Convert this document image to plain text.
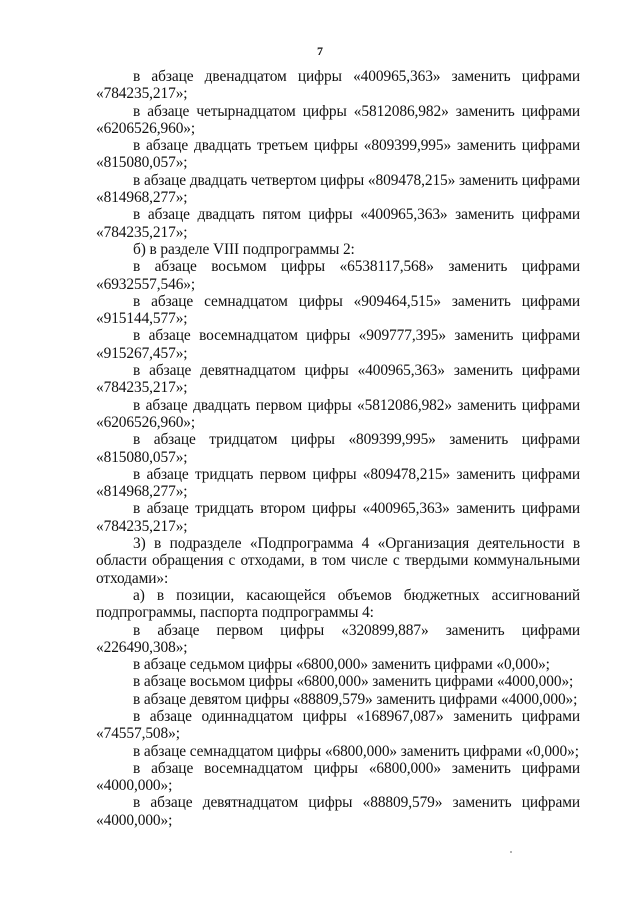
7

в абзаце двенадцатом цифры «400965,363» заменить цифрами «784235,217»;

в абзаце четырнадцатом цифры «5812086,982» заменить цифрами «6206526,960»;

в абзаце двадцать третьем цифры «809399,995» заменить цифрами «815080,057»;

в абзаце двадцать четвертом цифры «809478,215» заменить цифрами «814968,277»;

в абзаце двадцать пятом цифры «400965,363» заменить цифрами «784235,217»;

б) в разделе VIII подпрограммы 2:

в абзаце восьмом цифры «6538117,568» заменить цифрами «6932557,546»;

в абзаце семнадцатом цифры «909464,515» заменить цифрами «915144,577»;

в абзаце восемнадцатом цифры «909777,395» заменить цифрами «915267,457»;

в абзаце девятнадцатом цифры «400965,363» заменить цифрами «784235,217»;

в абзаце двадцать первом цифры «5812086,982» заменить цифрами «6206526,960»;

в абзаце тридцатом цифры «809399,995» заменить цифрами «815080,057»;

в абзаце тридцать первом цифры «809478,215» заменить цифрами «814968,277»;

в абзаце тридцать втором цифры «400965,363» заменить цифрами «784235,217»;

3) в подразделе «Подпрограмма 4 «Организация деятельности в области обращения с отходами, в том числе с твердыми коммунальными отходами»:

а) в позиции, касающейся объемов бюджетных ассигнований подпрограммы, паспорта подпрограммы 4:

в абзаце первом цифры «320899,887» заменить цифрами «226490,308»;

в абзаце седьмом цифры «6800,000» заменить цифрами «0,000»;

в абзаце восьмом цифры «6800,000» заменить цифрами «4000,000»;

в абзаце девятом цифры «88809,579» заменить цифрами «4000,000»;

в абзаце одиннадцатом цифры «168967,087» заменить цифрами «74557,508»;

в абзаце семнадцатом цифры «6800,000» заменить цифрами «0,000»;

в абзаце восемнадцатом цифры «6800,000» заменить цифрами «4000,000»;

в абзаце девятнадцатом цифры «88809,579» заменить цифрами «4000,000»;
